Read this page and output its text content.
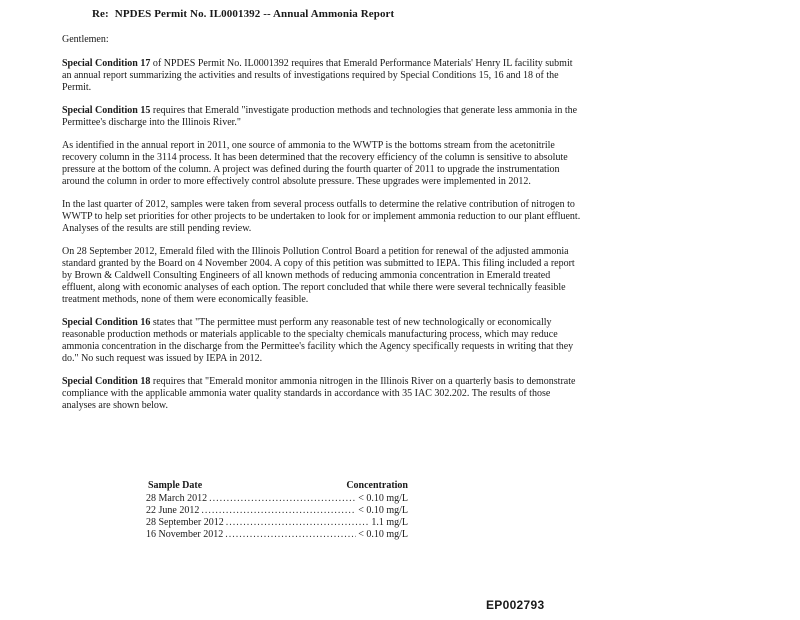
Re: NPDES Permit No. IL0001392 -- Annual Ammonia Report

Gentlemen:

Special Condition 17 of NPDES Permit No. IL0001392 requires that Emerald Performance Materials' Henry IL facility submit an annual report summarizing the activities and results of investigations required by Special Conditions 15, 16 and 18 of the Permit.

Special Condition 15 requires that Emerald "investigate production methods and technologies that generate less ammonia in the Permittee's discharge into the Illinois River."

As identified in the annual report in 2011, one source of ammonia to the WWTP is the bottoms stream from the acetonitrile recovery column in the 3114 process. It has been determined that the recovery efficiency of the column is sensitive to absolute pressure at the bottom of the column. A project was defined during the fourth quarter of 2011 to upgrade the instrumentation around the column in order to more effectively control absolute pressure. These upgrades were implemented in 2012.

In the last quarter of 2012, samples were taken from several process outfalls to determine the relative contribution of nitrogen to WWTP to help set priorities for other projects to be undertaken to look for or implement ammonia reduction to our plant effluent. Analyses of the results are still pending review.

On 28 September 2012, Emerald filed with the Illinois Pollution Control Board a petition for renewal of the adjusted ammonia standard granted by the Board on 4 November 2004. A copy of this petition was submitted to IEPA. This filing included a report by Brown & Caldwell Consulting Engineers of all known methods of reducing ammonia concentration in Emerald treated effluent, along with economic analyses of each option. The report concluded that while there were several technically feasible treatment methods, none of them were economically feasible.

Special Condition 16 states that "The permittee must perform any reasonable test of new technologically or economically reasonable production methods or materials applicable to the specialty chemicals manufacturing process, which may reduce ammonia concentration in the discharge from the Permittee's facility which the Agency specifically requests in writing that they do." No such request was issued by IEPA in 2012.

Special Condition 18 requires that "Emerald monitor ammonia nitrogen in the Illinois River on a quarterly basis to demonstrate compliance with the applicable ammonia water quality standards in accordance with 35 IAC 302.202. The results of those analyses are shown below.

Sample Date	Concentration
28 March 2012 .....	< 0.10 mg/L
22 June 2012 .....	< 0.10 mg/L
28 September 2012 .....	1.1 mg/L
16 November 2012 .....	< 0.10 mg/L
EP002793
